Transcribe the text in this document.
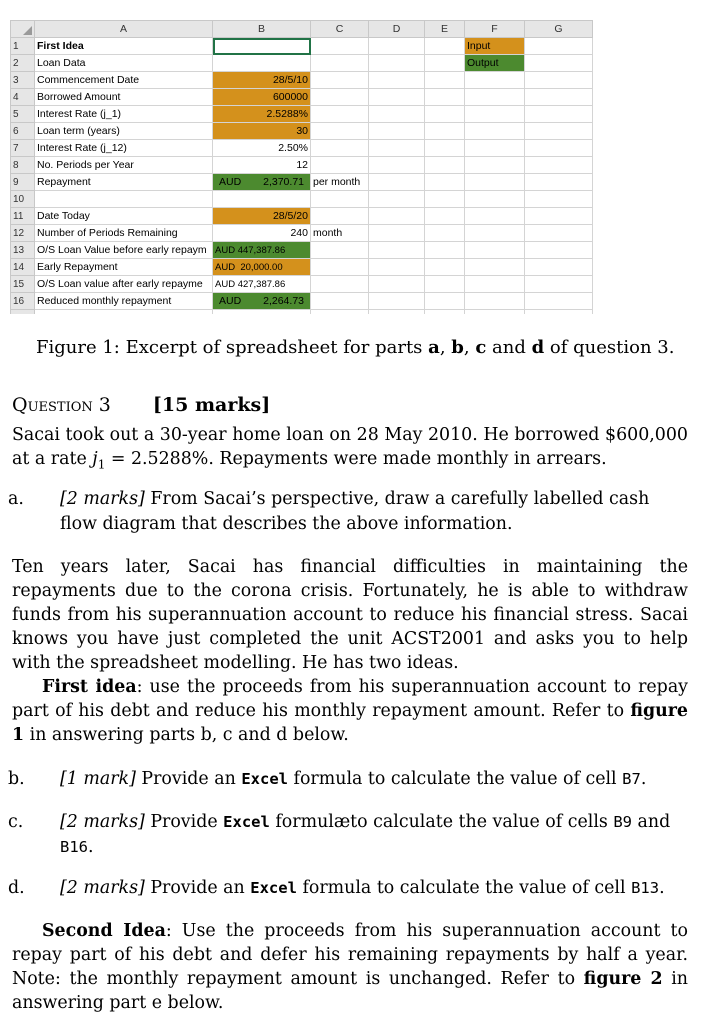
	A	B	C	D	E	F	G
1	First Idea					Input	
2	Loan Data					Output	
3	Commencement Date	28/5/10					
4	Borrowed Amount	600000					
5	Interest Rate (j_1)	2.5288%					
6	Loan term (years)	30					
7	Interest Rate (j_12)	2.50%					
8	No. Periods per Year	12					
9	Repayment	AUD 2,370.71	per month				
10							
11	Date Today	28/5/20					
12	Number of Periods Remaining	240	month				
13	O/S Loan Value before early repaym	AUD 447,387.86					
14	Early Repayment	AUD  20,000.00					
15	O/S Loan value after early repayme	AUD 427,387.86					
16	Reduced monthly repayment	AUD 2,264.73					

Figure 1: Excerpt of spreadsheet for parts a, b, c and d of question 3.
Question 3 [15 marks]
Sacai took out a 30-year home loan on 28 May 2010. He borrowed $600,000 at a rate $j_1 = 2.5288\%$. Repayments were made monthly in arrears.
a. [2 marks] From Sacai’s perspective, draw a carefully labelled cash flow diagram that describes the above information.

Ten years later, Sacai has financial difficulties in maintaining the repayments due to the corona crisis. Fortunately, he is able to withdraw funds from his superannuation account to reduce his financial stress. Sacai knows you have just completed the unit ACST2001 and asks you to help with the spreadsheet modelling. He has two ideas.

First idea: use the proceeds from his superannuation account to repay part of his debt and reduce his monthly repayment amount. Refer to figure 1 in answering parts b, c and d below.

b. [1 mark] Provide an Excel formula to calculate the value of cell B7.
c. [2 marks] Provide Excel formulæto calculate the value of cells B9 and B16.
d. [2 marks] Provide an Excel formula to calculate the value of cell B13.

Second Idea: Use the proceeds from his superannuation account to repay part of his debt and defer his remaining repayments by half a year. Note: the monthly repayment amount is unchanged. Refer to figure 2 in answering part e below.
